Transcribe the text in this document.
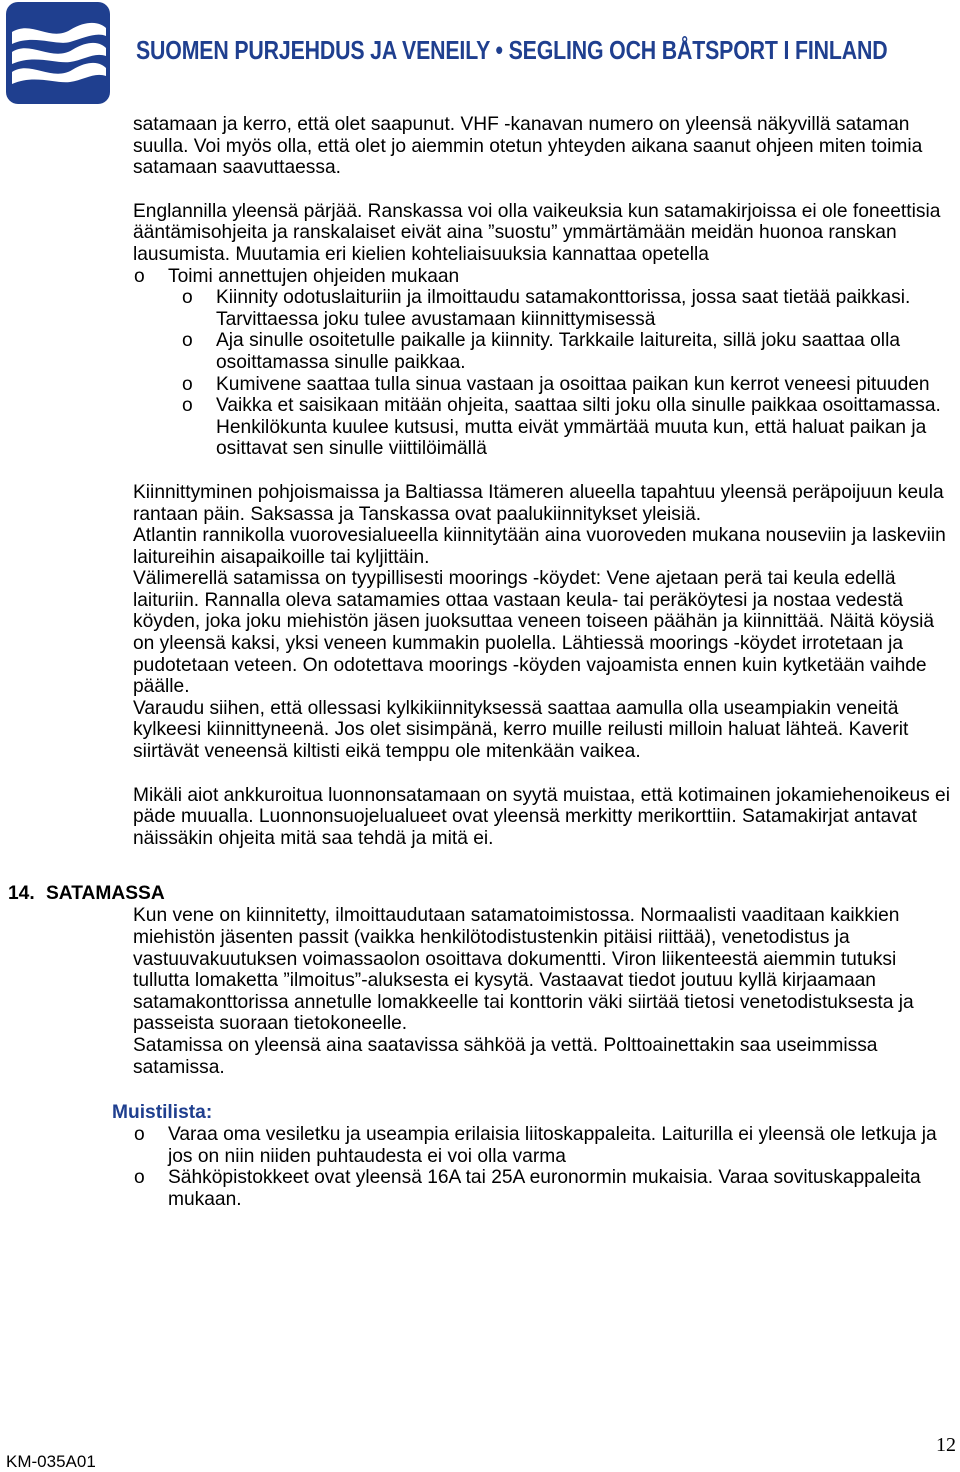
SUOMEN PURJEHDUS JA VENEILY • SEGLING OCH BÅTSPORT I FINLAND
satamaan ja kerro, että olet saapunut. VHF -kanavan numero on yleensä näkyvillä sataman suulla. Voi myös olla, että olet jo aiemmin otetun yhteyden aikana saanut ohjeen miten toimia satamaan saavuttaessa.
Englannilla yleensä pärjää. Ranskassa voi olla vaikeuksia kun satamakirjoissa ei ole foneettisia ääntämisohjeita ja ranskalaiset eivät aina ”suostu” ymmärtämään meidän huonoa ranskan lausumista. Muutamia eri kielien kohteliaisuuksia kannattaa opetella
o Toimi annettujen ohjeiden mukaan
o Kiinnity odotuslaituriin ja ilmoittaudu satamakonttorissa, jossa saat tietää paikkasi. Tarvittaessa joku tulee avustamaan kiinnittymisessä
o Aja sinulle osoitetulle paikalle ja kiinnity. Tarkkaile laitureita, sillä joku saattaa olla osoittamassa sinulle paikkaa.
o Kumivene saattaa tulla sinua vastaan ja osoittaa paikan kun kerrot veneesi pituuden
o Vaikka et saisikaan mitään ohjeita, saattaa silti joku olla sinulle paikkaa osoittamassa. Henkilökunta kuulee kutsusi, mutta eivät ymmärtää muuta kun, että haluat paikan ja osittavat sen sinulle viittilöimällä
Kiinnittyminen pohjoismaissa ja Baltiassa Itämeren alueella tapahtuu yleensä peräpoijuun keula rantaan päin. Saksassa ja Tanskassa ovat paalukiinnitykset yleisiä.
Atlantin rannikolla vuorovesialueella kiinnitytään aina vuoroveden mukana nouseviin ja laskeviin laitureihin aisapaikoille tai kyljittäin.
Välimerellä satamissa on tyypillisesti moorings -köydet: Vene ajetaan perä tai keula edellä laituriin. Rannalla oleva satamamies ottaa vastaan keula- tai peräköytesi ja nostaa vedestä köyden, joka joku miehistön jäsen juoksuttaa veneen toiseen päähän ja kiinnittää. Näitä köysiä on yleensä kaksi, yksi veneen kummakin puolella. Lähtiessä moorings -köydet irrotetaan ja pudotetaan veteen. On odotettava moorings -köyden vajoamista ennen kuin kytketään vaihde päälle.
Varaudu siihen, että ollessasi kylkikiinnityksessä saattaa aamulla olla useampiakin veneitä kylkeesi kiinnittyneenä. Jos olet sisimpänä, kerro muille reilusti milloin haluat lähteä. Kaverit siirtävät veneensä kiltisti eikä temppu ole mitenkään vaikea.
Mikäli aiot ankkuroitua luonnonsatamaan on syytä muistaa, että kotimainen jokamiehenoikeus ei päde muualla. Luonnonsuojelualueet ovat yleensä merkitty merikorttiin. Satamakirjat antavat näissäkin ohjeita mitä saa tehdä ja mitä ei.
14. SATAMASSA
Kun vene on kiinnitetty, ilmoittaudutaan satamatoimistossa. Normaalisti vaaditaan kaikkien miehistön jäsenten passit (vaikka henkilötodistustenkin pitäisi riittää), venetodistus ja vastuuvakuutuksen voimassaolon osoittava dokumentti. Viron liikenteestä aiemmin tutuksi tullutta lomaketta ”ilmoitus”-aluksesta ei kysytä. Vastaavat tiedot joutuu kyllä kirjaamaan satamakonttorissa annetulle lomakkeelle tai konttorin väki siirtää tietosi venetodistuksesta ja passeista suoraan tietokoneelle.
Satamissa on yleensä aina saatavissa sähköä ja vettä. Polttoainettakin saa useimmissa satamissa.
Muistilista:
o Varaa oma vesiletku ja useampia erilaisia liitoskappaleita. Laiturilla ei yleensä ole letkuja ja jos on niin niiden puhtaudesta ei voi olla varma
o Sähköpistokkeet ovat yleensä 16A tai 25A euronormin mukaisia. Varaa sovituskappaleita mukaan.
KM-035A01
12
